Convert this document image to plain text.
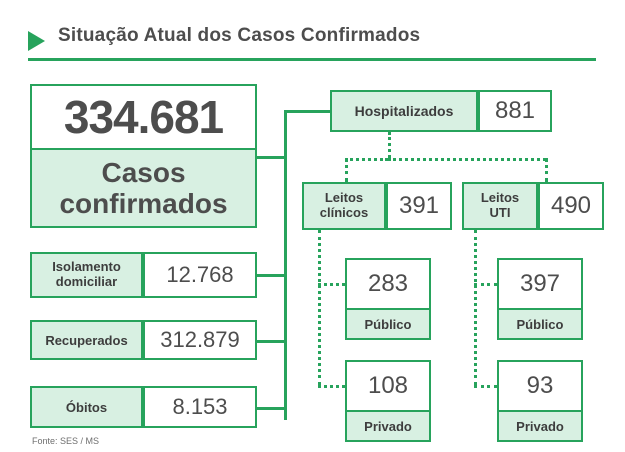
Situação Atual dos Casos Confirmados
334.681
Casos
confirmados
Isolamento
domiciliar	12.768
Recuperados	312.879
Óbitos	8.153
Hospitalizados	881
Leitos
clínicos	391
283
Público
108
Privado
Leitos
UTI	490
397
Público
93
Privado
Fonte: SES / MS
